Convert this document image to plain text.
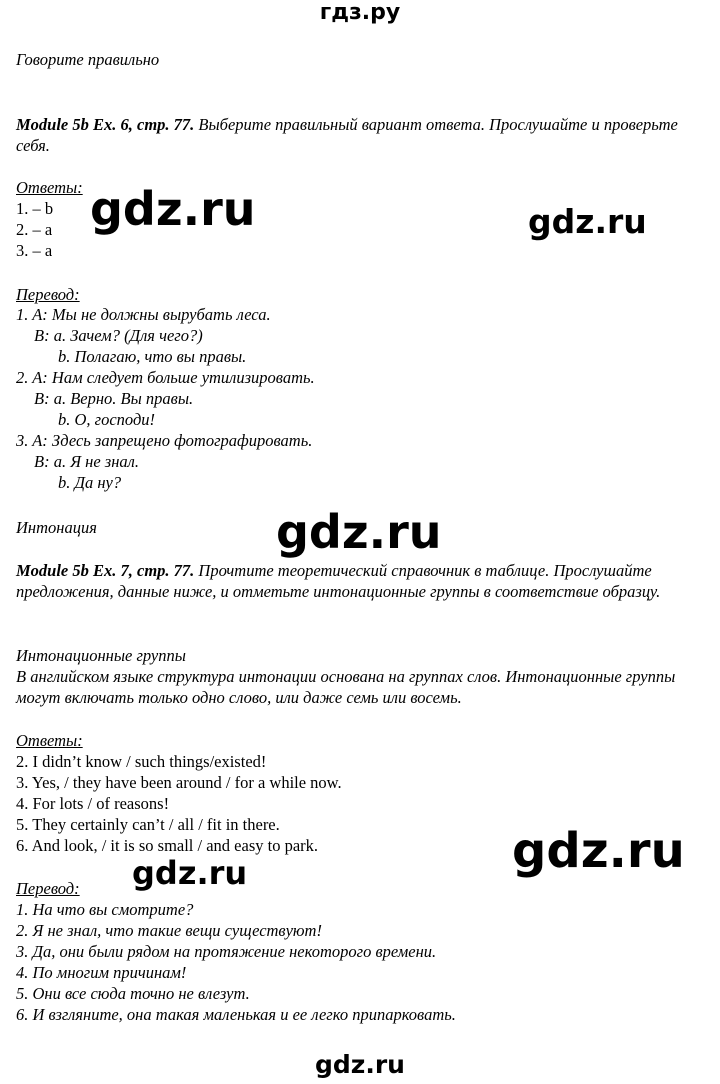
гдз.ру
Говорите правильно
Module 5b Ex. 6, стр. 77. Выберите правильный вариант ответа. Прослушайте и проверьте себя.
Ответы:
1. – b
2. – a
3. – a
Перевод:
1. A: Мы не должны вырубать леса.
B: a. Зачем? (Для чего?)
b. Полагаю, что вы правы.
2. A: Нам следует больше утилизировать.
B: a. Верно. Вы правы.
b. О, господи!
3. A: Здесь запрещено фотографировать.
B: a. Я не знал.
b. Да ну?
Интонация
Module 5b Ex. 7, стр. 77. Прочтите теоретический справочник в таблице. Прослушайте предложения, данные ниже, и отметьте интонационные группы в соответствие образцу.
Интонационные группы
В английском языке структура интонации основана на группах слов. Интонационные группы могут включать только одно слово, или даже семь или восемь.
Ответы:
2. I didn’t know / such things/existed!
3. Yes, / they have been around / for a while now.
4. For lots / of reasons!
5. They certainly can’t / all / fit in there.
6. And look, / it is so small / and easy to park.
Перевод:
1. На что вы смотрите?
2. Я не знал, что такие вещи существуют!
3. Да, они были рядом на протяжение некоторого времени.
4. По многим причинам!
5. Они все сюда точно не влезут.
6. И взгляните, она такая маленькая и ее легко припарковать.
gdz.ru	gdz.ru
gdz.ru
gdz.ru
gdz.ru
gdz.ru
